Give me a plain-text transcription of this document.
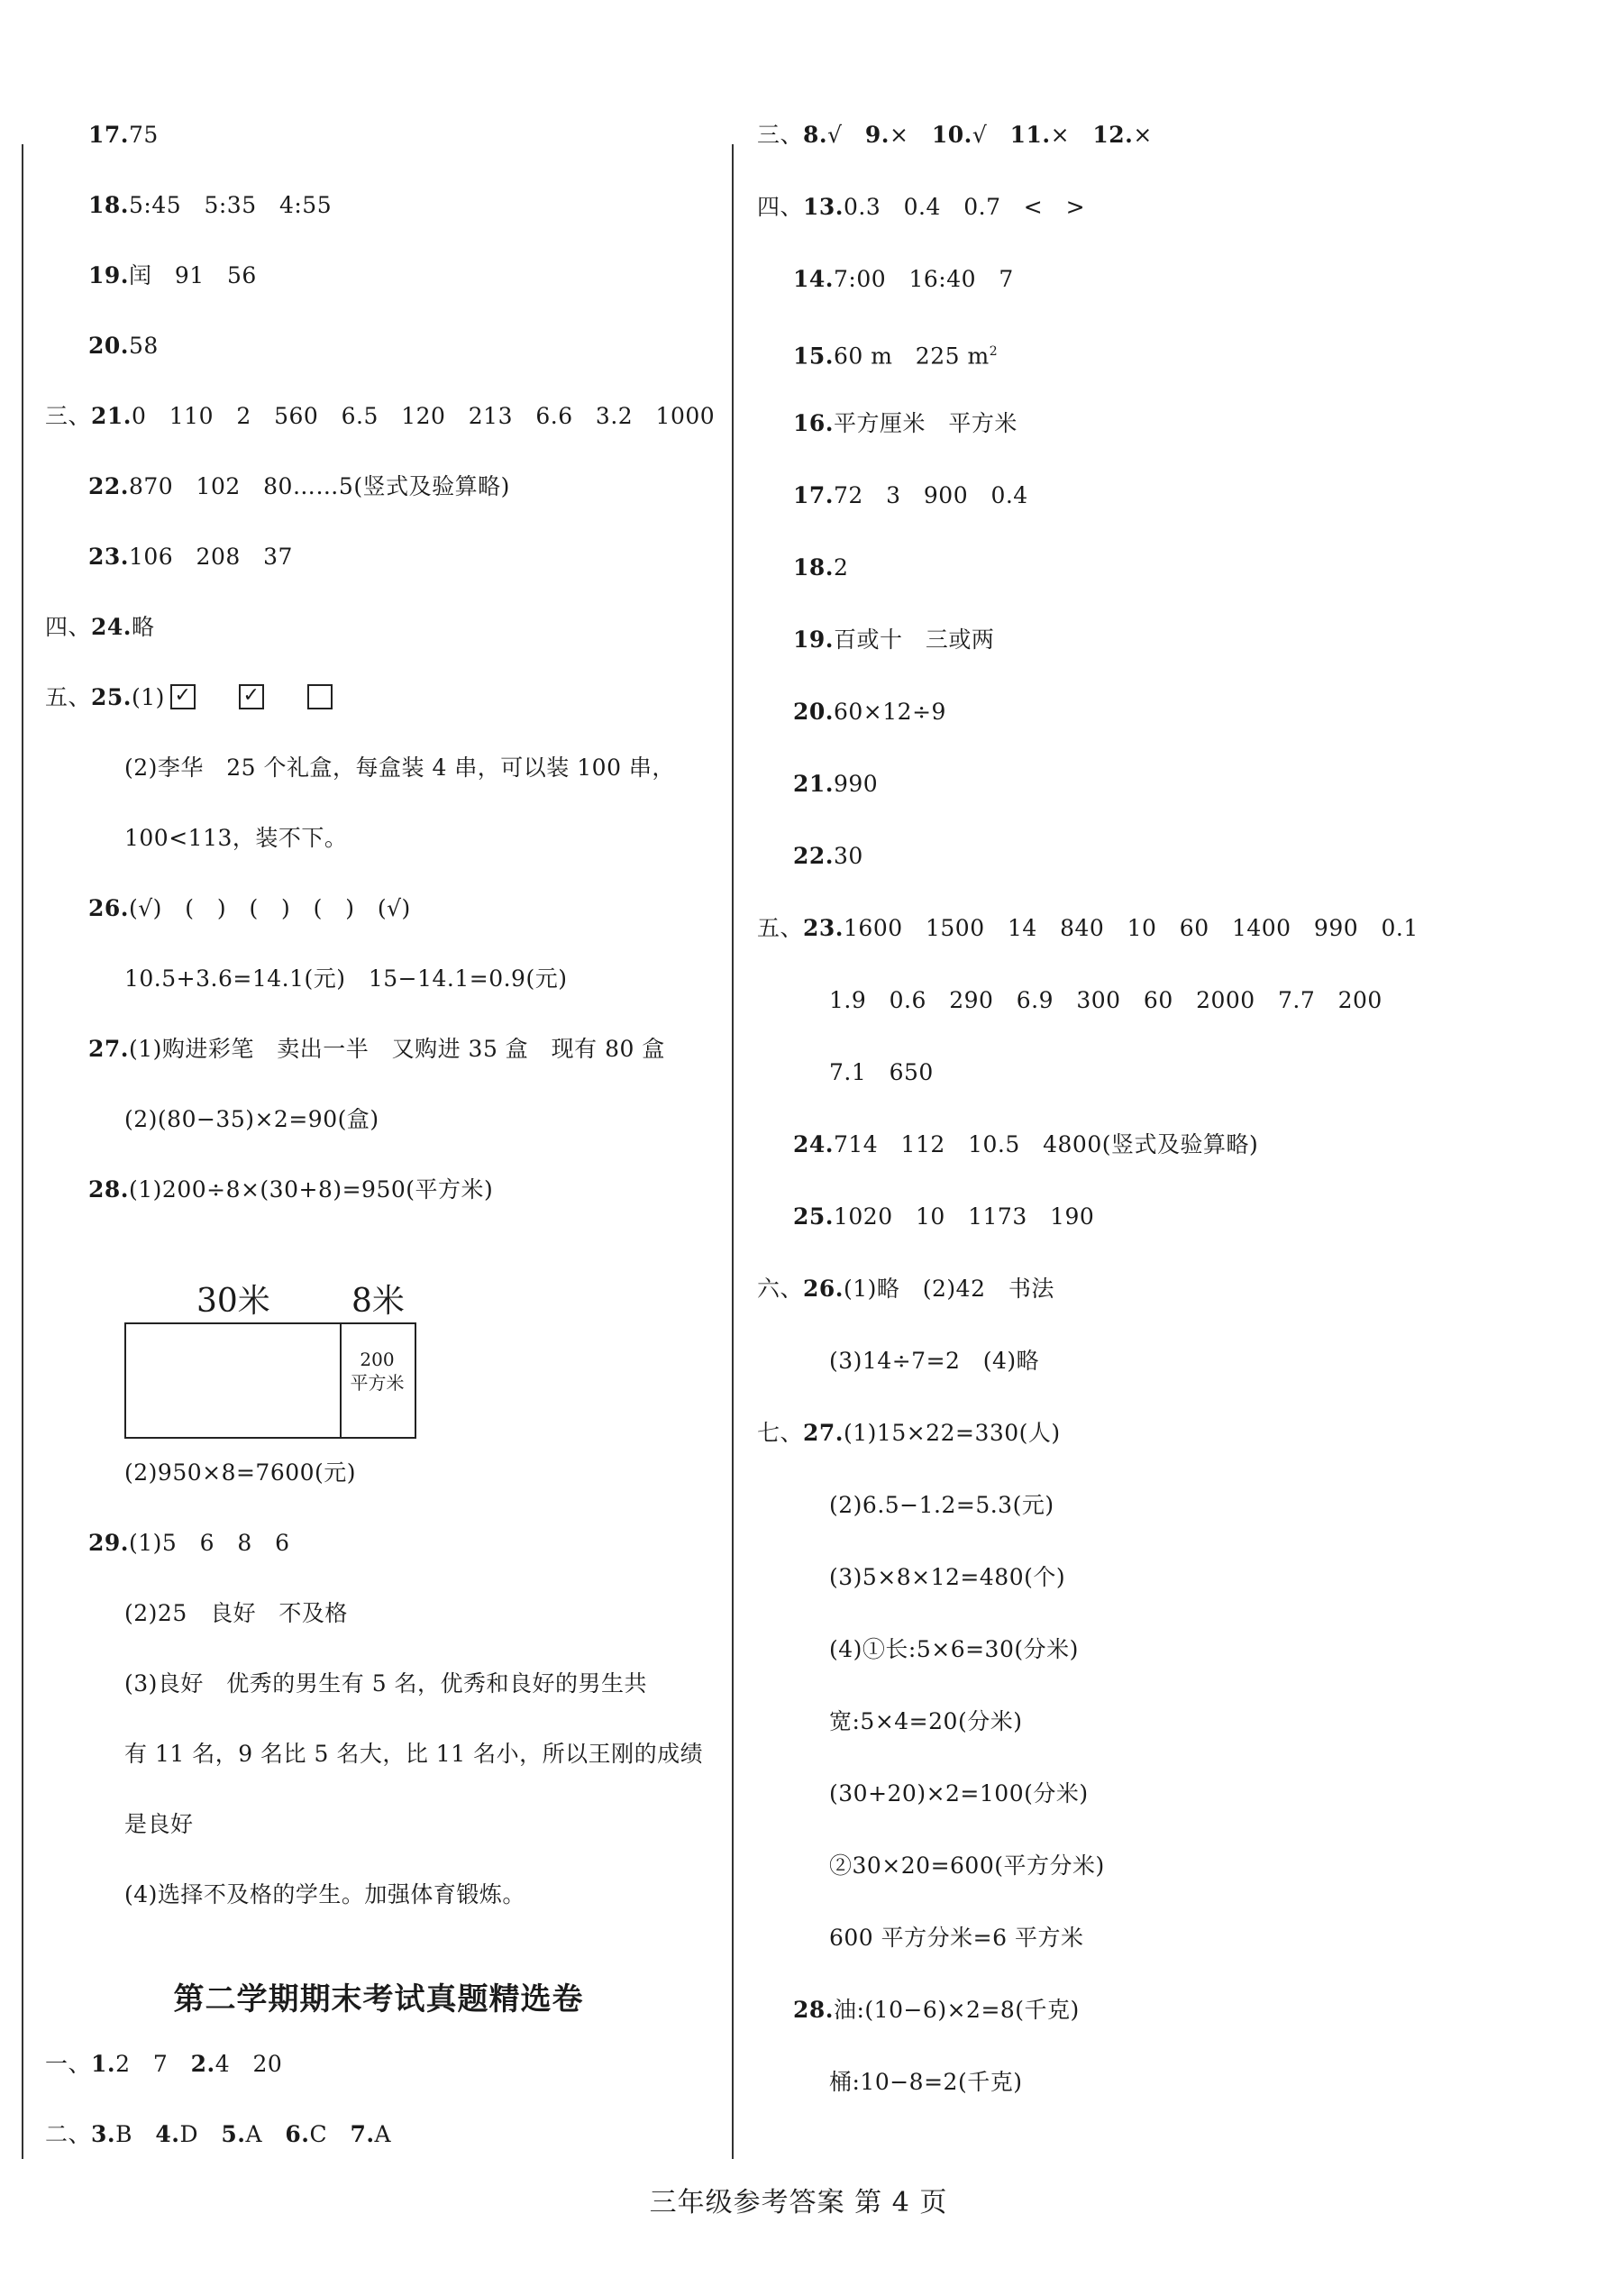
17.75
18.5:45   5:35   4:55
19.闰   91   56
20.58
三、21.0   110   2   560   6.5   120   213   6.6   3.2   1000
22.870   102   80……5(竖式及验算略)
23.106   208   37
四、24.略
五、25.(1) ✓	✓
(2)李华   25 个礼盒，每盒装 4 串，可以装 100 串，
100<113，装不下。
26.(√)   (   )   (   )   (   )   (√)
10.5+3.6=14.1(元)   15−14.1=0.9(元)
27.(1)购进彩笔   卖出一半   又购进 35 盒   现有 80 盒
(2)(80−35)×2=90(盒)
28.(1)200÷8×(30+8)=950(平方米)
(2)950×8=7600(元)
29.(1)5   6   8   6
(2)25   良好   不及格
(3)良好   优秀的男生有 5 名，优秀和良好的男生共
有 11 名，9 名比 5 名大，比 11 名小，所以王刚的成绩
是良好
(4)选择不及格的学生。加强体育锻炼。
一、1.2   7   2.4   20
二、3.B   4.D   5.A   6.C   7.A
第二学期期末考试真题精选卷
30米	8米
200
平方米
三、8.√   9.×   10.√   11.×   12.×
四、13.0.3   0.4   0.7   <   >
14.7:00   16:40   7
15.60 m   225 $m^2$
16.平方厘米   平方米
17.72   3   900   0.4
18.2
19.百或十   三或两
20.60×12÷9
21.990
22.30
五、23.1600   1500   14   840   10   60   1400   990   0.1
1.9   0.6   290   6.9   300   60   2000   7.7   200
7.1   650
24.714   112   10.5   4800(竖式及验算略)
25.1020   10   1173   190
六、26.(1)略   (2)42   书法
(3)14÷7=2   (4)略
七、27.(1)15×22=330(人)
(2)6.5−1.2=5.3(元)
(3)5×8×12=480(个)
(4)①长:5×6=30(分米)
宽:5×4=20(分米)
(30+20)×2=100(分米)
②30×20=600(平方分米)
600 平方分米=6 平方米
28.油:(10−6)×2=8(千克)
桶:10−8=2(千克)
三年级参考答案 第 4 页
